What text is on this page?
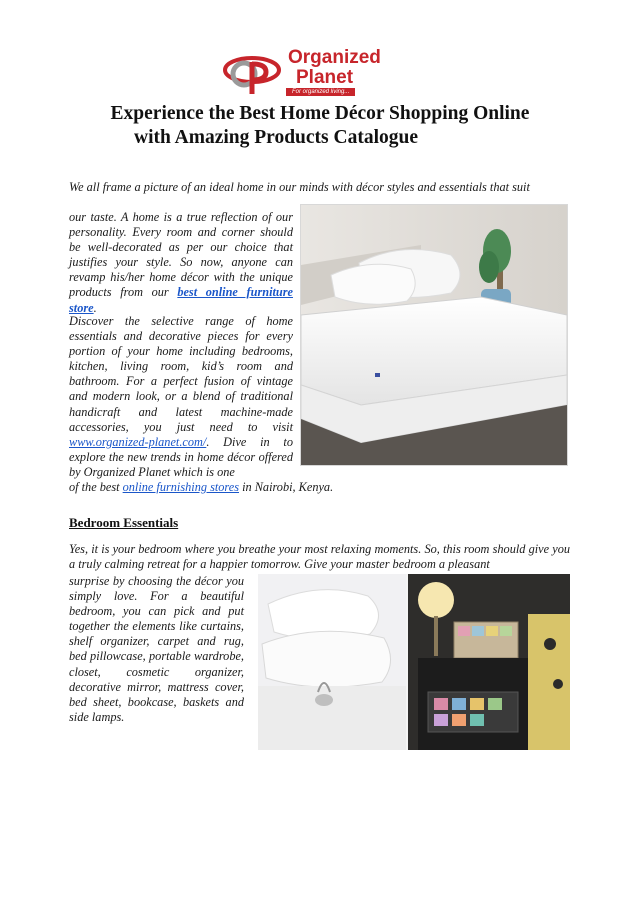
Organized
Planet
For organized living...
Experience the Best Home Décor Shopping Online
with Amazing Products Catalogue
We all frame a picture of an ideal home in our minds with décor styles and essentials that suit
our taste. A home is a true reflection of our personality. Every room and corner should be well-decorated as per our choice that justifies your style. So now, anyone can revamp his/her home décor with the unique products from our best online furniture store.
Discover the selective range of home essentials and decorative pieces for every portion of your home including bedrooms, kitchen, living room, kid’s room and bathroom. For a perfect fusion of vintage and modern look, or a blend of traditional handicraft and latest machine-made accessories, you just need to visit www.organized-planet.com/. Dive in to explore the new trends in home décor offered by Organized Planet which is one
of the best online furnishing stores in Nairobi, Kenya.
Bedroom Essentials
Yes, it is your bedroom where you breathe your most relaxing moments. So, this room should give you a truly calming retreat for a happier tomorrow. Give your master bedroom a pleasant
surprise by choosing the décor you simply love. For a beautiful bedroom, you can pick and put together the elements like curtains, shelf organizer, carpet and rug, bed pillowcase, portable wardrobe, closet, cosmetic organizer, decorative mirror, mattress cover, bed sheet, bookcase, baskets and side lamps.
